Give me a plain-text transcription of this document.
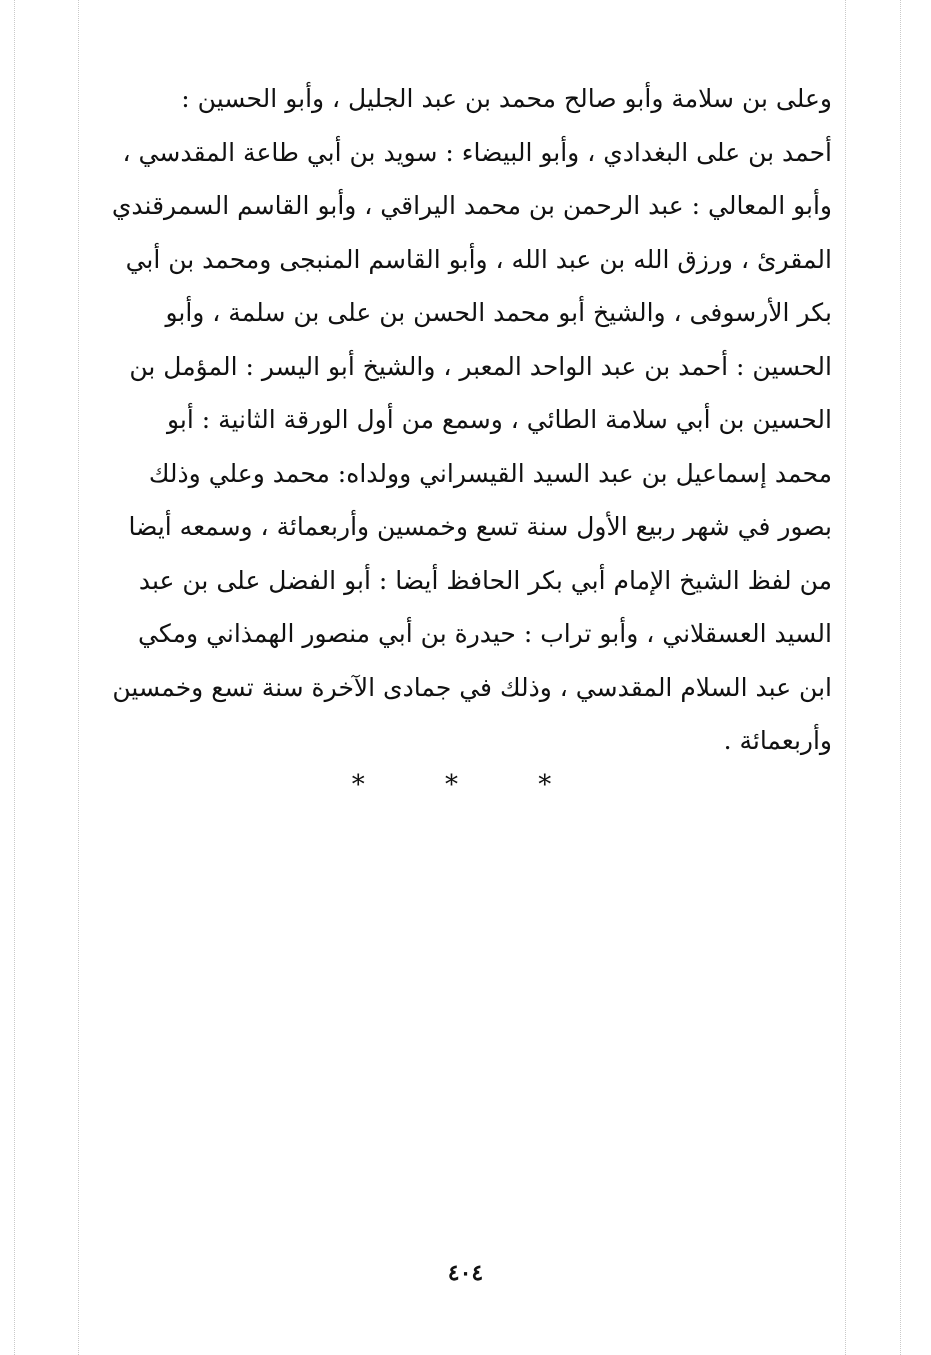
وعلى بن سلامة وأبو صالح محمد بن عبد الجليل ، وأبو الحسين :
أحمد بن على البغدادي ، وأبو البيضاء : سويد بن أبي طاعة المقدسي ،
وأبو المعالي : عبد الرحمن بن محمد اليراقي ، وأبو القاسم السمرقندي
المقرئ ، ورزق الله بن عبد الله ، وأبو القاسم المنبجى ومحمد بن أبي
بكر الأرسوفى ، والشيخ أبو محمد الحسن بن على بن سلمة ، وأبو
الحسين : أحمد بن عبد الواحد المعبر ، والشيخ أبو اليسر : المؤمل بن
الحسين بن أبي سلامة الطائي ، وسمع من أول الورقة الثانية : أبو
محمد إسماعيل بن عبد السيد القيسراني وولداه: محمد وعلي وذلك
بصور في شهر ربيع الأول سنة تسع وخمسين وأربعمائة ، وسمعه أيضا
من لفظ الشيخ الإمام أبي بكر الحافظ أيضا : أبو الفضل على بن عبد
السيد العسقلاني ، وأبو تراب : حيدرة بن أبي منصور الهمذاني ومكي
ابن عبد السلام المقدسي ، وذلك في جمادى الآخرة سنة تسع وخمسين
وأربعمائة .
* * *
٤٠٤
